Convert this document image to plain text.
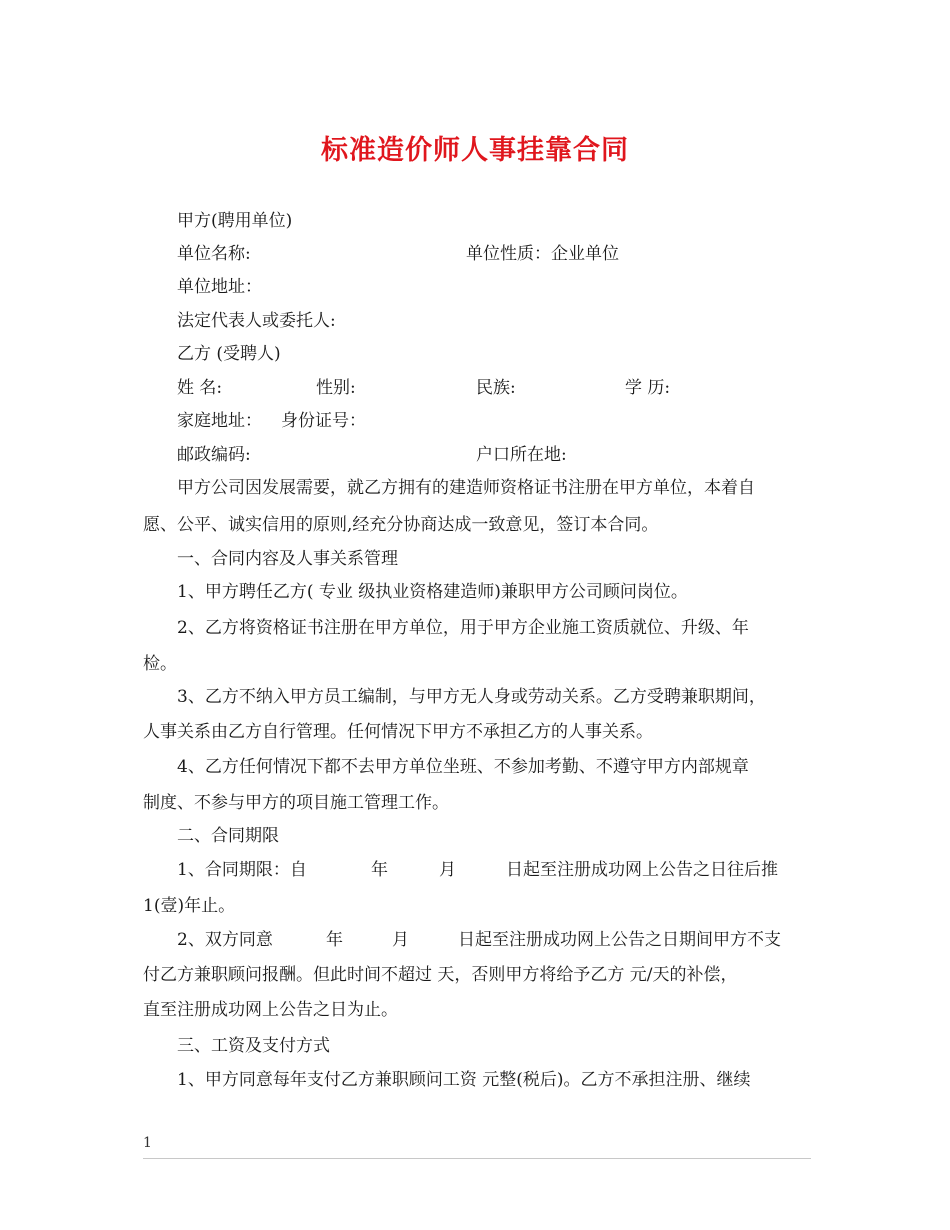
标准造价师人事挂靠合同
甲方(聘用单位)
单位名称:	单位性质：企业单位
单位地址：
法定代表人或委托人:
乙方 (受聘人)
姓 名:	性别:	民族:	学 历:
家庭地址： 身份证号：
邮政编码:	户口所在地:
甲方公司因发展需要，就乙方拥有的建造师资格证书注册在甲方单位，本着自
愿、公平、诚实信用的原则,经充分协商达成一致意见，签订本合同。
一、合同内容及人事关系管理
1、甲方聘任乙方( 专业 级执业资格建造师)兼职甲方公司顾问岗位。
2、乙方将资格证书注册在甲方单位，用于甲方企业施工资质就位、升级、年
检。
3、乙方不纳入甲方员工编制，与甲方无人身或劳动关系。乙方受聘兼职期间，
人事关系由乙方自行管理。任何情况下甲方不承担乙方的人事关系。
4、乙方任何情况下都不去甲方单位坐班、不参加考勤、不遵守甲方内部规章
制度、不参与甲方的项目施工管理工作。
二、合同期限
1、合同期限：自	年	月	日起至注册成功网上公告之日往后推
1(壹)年止。
2、双方同意	年	月	日起至注册成功网上公告之日期间甲方不支
付乙方兼职顾问报酬。但此时间不超过 天，否则甲方将给予乙方 元/天的补偿，
直至注册成功网上公告之日为止。
三、工资及支付方式
1、甲方同意每年支付乙方兼职顾问工资 元整(税后)。乙方不承担注册、继续
1
